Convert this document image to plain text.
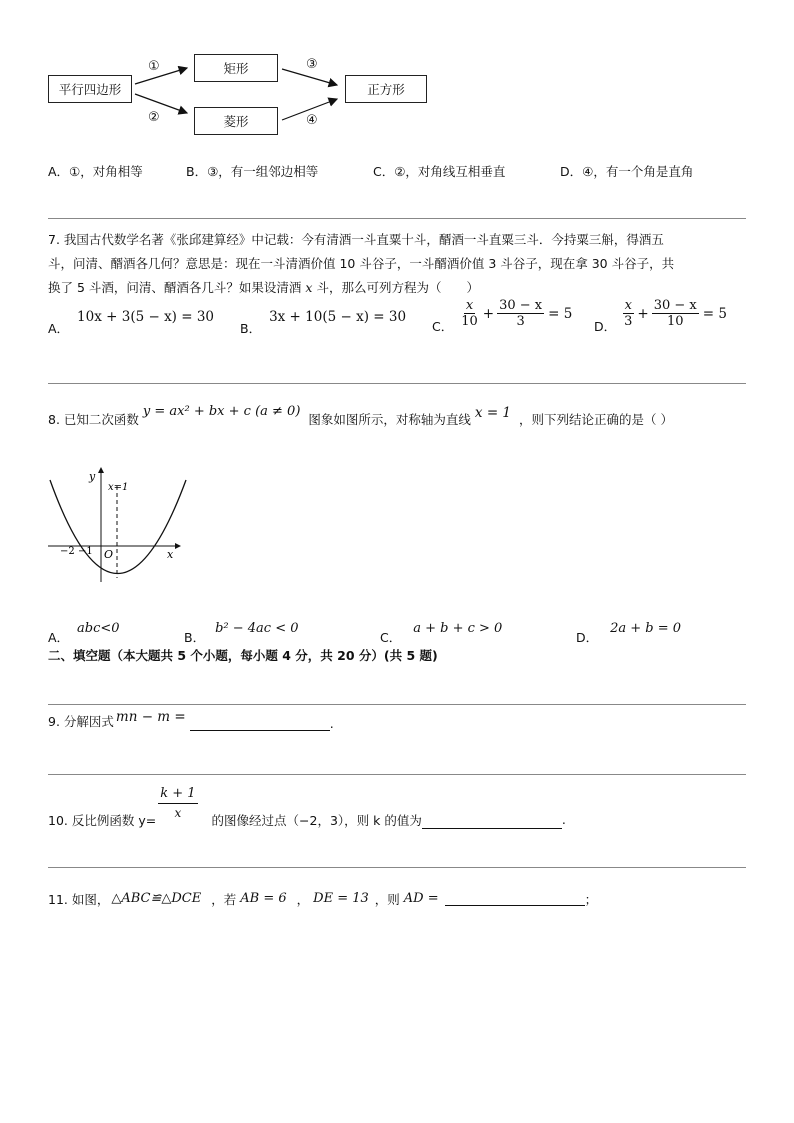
平行四边形
矩形
菱形
正方形
①
②
③
④
A．①，对角相等	B．③，有一组邻边相等	C．②，对角线互相垂直	D．④，有一个角是直角
7. 我国古代数学名著《张邱建算经》中记载：今有清酒一斗直粟十斗，醑酒一斗直粟三斗．今持粟三斛，得酒五
斗，问清、醑酒各几何？意思是：现在一斗清酒价值 10 斗谷子，一斗醑酒价值 3 斗谷子，现在拿 30 斗谷子，共
换了 5 斗酒，问清、醑酒各几斗？如果设清酒 x 斗，那么可列方程为（　　）
A． 10x + 3(5 − x) = 30
B． 3x + 10(5 − x) = 30
C． $\frac{x}{10} + \frac{30 - x}{3} = 5$
D． $\frac{x}{3} + \frac{30 - x}{10} = 5$
8. 已知二次函数
y = ax² + bx + c (a ≠ 0)
图象如图所示，对称轴为直线 x = 1 ，则下列结论正确的是（ ）
y
x
O
x=1
−2 −1
A． abc<0
B． b² − 4ac < 0
C． a + b + c > 0
D． 2a + b = 0
二、填空题（本大题共 5 个小题，每小题 4 分，共 20 分）(共 5 题)
9. 分解因式 mn − m =	.
10. 反比例函数 $y= \frac{k + 1}{x}$ 的图像经过点（−2，3），则 k 的值为	.
11. 如图， △ABC≌△DCE ，若 AB = 6 ， DE = 13 ，则 AD =	；
